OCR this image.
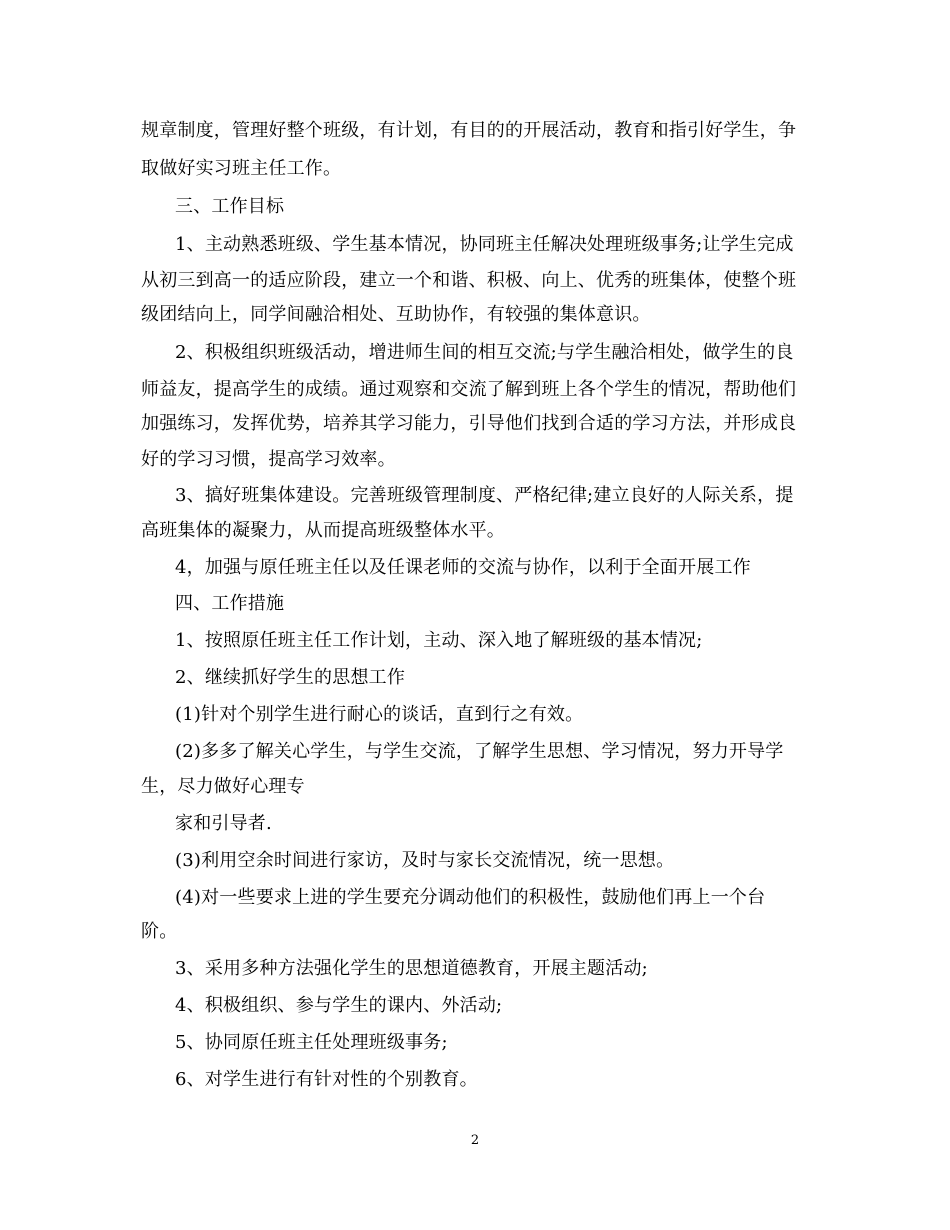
规章制度，管理好整个班级，有计划，有目的的开展活动，教育和指引好学生，争
取做好实习班主任工作。
三、工作目标
1、主动熟悉班级、学生基本情况，协同班主任解决处理班级事务;让学生完成
从初三到高一的适应阶段，建立一个和谐、积极、向上、优秀的班集体，使整个班
级团结向上，同学间融洽相处、互助协作，有较强的集体意识。
2、积极组织班级活动，增进师生间的相互交流;与学生融洽相处，做学生的良
师益友，提高学生的成绩。通过观察和交流了解到班上各个学生的情况，帮助他们
加强练习，发挥优势，培养其学习能力，引导他们找到合适的学习方法，并形成良
好的学习习惯，提高学习效率。
3、搞好班集体建设。完善班级管理制度、严格纪律;建立良好的人际关系，提
高班集体的凝聚力，从而提高班级整体水平。
4，加强与原任班主任以及任课老师的交流与协作，以利于全面开展工作
四、工作措施
1、按照原任班主任工作计划，主动、深入地了解班级的基本情况;
2、继续抓好学生的思想工作
(1)针对个别学生进行耐心的谈话，直到行之有效。
(2)多多了解关心学生，与学生交流，了解学生思想、学习情况，努力开导学
生，尽力做好心理专
家和引导者.
(3)利用空余时间进行家访，及时与家长交流情况，统一思想。
(4)对一些要求上进的学生要充分调动他们的积极性，鼓励他们再上一个台
阶。
3、采用多种方法强化学生的思想道德教育，开展主题活动;
4、积极组织、参与学生的课内、外活动;
5、协同原任班主任处理班级事务;
6、对学生进行有针对性的个别教育。
2
